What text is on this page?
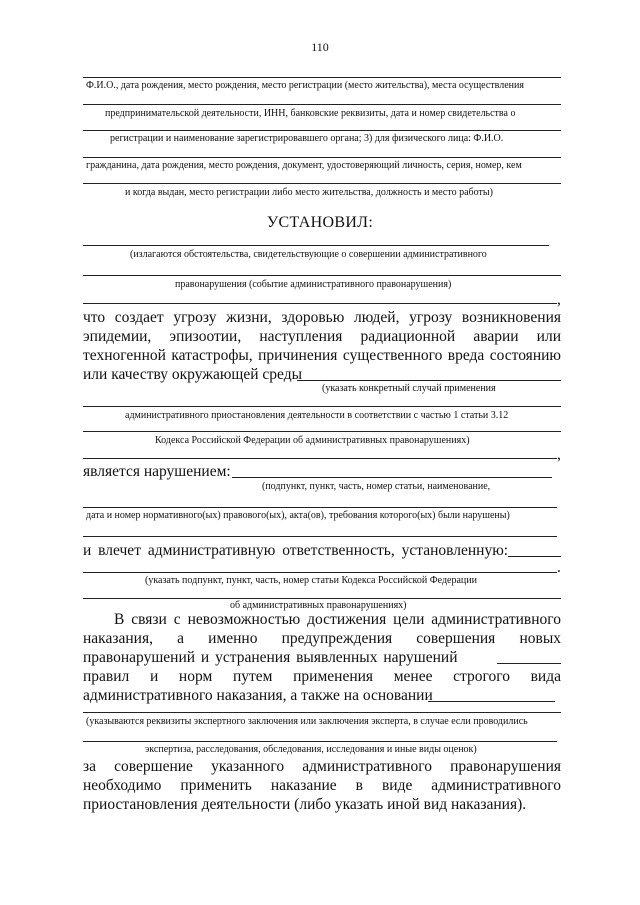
110
Ф.И.О., дата рождения, место рождения, место регистрации (место жительства), места осуществления
предпринимательской деятельности, ИНН, банковские реквизиты, дата и номер свидетельства о
регистрации и наименование зарегистрировавшего органа; 3) для физического лица: Ф.И.О.
гражданина, дата рождения, место рождения, документ, удостоверяющий личность, серия, номер, кем
и когда выдан, место регистрации либо место жительства, должность и место работы)
УСТАНОВИЛ:
(излагаются обстоятельства, свидетельствующие о совершении административного
правонарушения (событие административного правонарушения)
,
что создает угрозу жизни, здоровью людей, угрозу возникновения
эпидемии, эпизоотии, наступления радиационной аварии или
техногенной катастрофы, причинения существенного вреда состоянию
или качеству окружающей среды
(указать конкретный случай применения
административного приостановления деятельности в соответствии с частью 1 статьи 3.12
Кодекса Российской Федерации об административных правонарушениях)
,
является нарушением:
(подпункт, пункт, часть, номер статьи, наименование,
дата и номер нормативного(ых) правового(ых), акта(ов), требования которого(ых) были нарушены)
и влечет административную ответственность, установленную:
.
(указать подпункт, пункт, часть, номер статьи Кодекса Российской Федерации
об административных правонарушениях)
В связи с невозможностью достижения цели административного
наказания, а именно предупреждения совершения новых
правонарушений и устранения выявленных нарушений
правил и норм путем применения менее строгого вида
административного наказания, а также на основании
(указываются реквизиты экспертного заключения или заключения эксперта, в случае если проводились
экспертиза, расследования, обследования, исследования и иные виды оценок)
за совершение указанного административного правонарушения
необходимо применить наказание в виде административного
приостановления деятельности (либо указать иной вид наказания).
